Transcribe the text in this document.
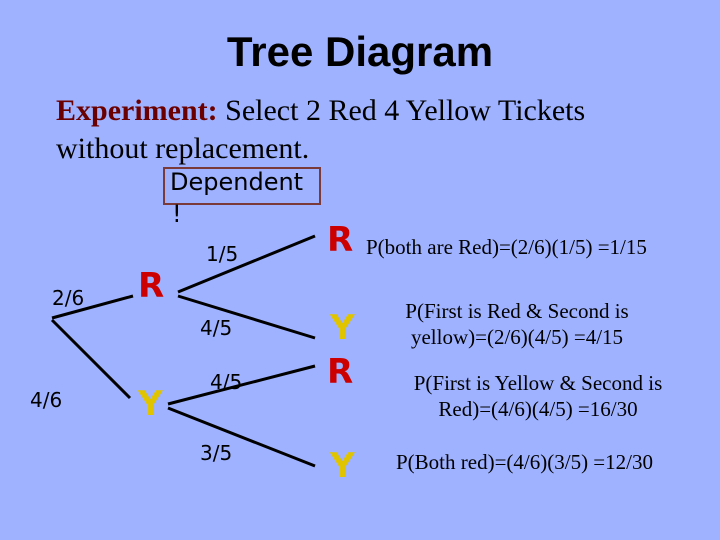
Tree Diagram
Experiment: Select 2 Red 4 Yellow Tickets
without replacement.
Dependent
!
2/6
4/6
R
Y
1/5
4/5
4/5
3/5
R
Y
R
Y
P(both are Red)=(2/6)(1/5) =1/15
P(First is Red & Second is
yellow)=(2/6)(4/5) =4/15
P(First is Yellow & Second is
Red)=(4/6)(4/5) =16/30
P(Both red)=(4/6)(3/5) =12/30
